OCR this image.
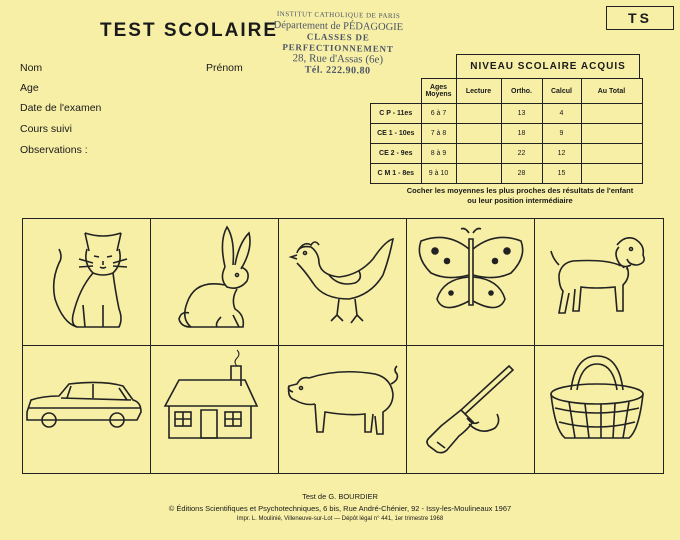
TEST SCOLAIRE
TS
INSTITUT CATHOLIQUE DE PARIS
Département de PÉDAGOGIE
CLASSES DE PERFECTIONNEMENT
28, Rue d'Assas (6e)
Tél. 222.90.80
Nom	Prénom
Age
Date de l'examen
Cours suivi
Observations :
NIVEAU SCOLAIRE ACQUIS
	Ages Moyens	Lecture	Ortho.	Calcul	Au Total
C P - 11es	6 à 7		13	4	
CE 1 - 10es	7 à 8		18	9	
CE 2 - 9es	8 à 9		22	12	
C M 1 - 8es	9 à 10		28	15	
Cocher les moyennes les plus proches des résultats de l'enfant
ou leur position intermédiaire
Test de G. BOURDIER
© Éditions Scientifiques et Psychotechniques, 6 bis, Rue André-Chénier, 92 - Issy-les-Moulineaux 1967
Impr. L. Moulinié, Villeneuve-sur-Lot — Dépôt légal n° 441, 1er trimestre 1968
